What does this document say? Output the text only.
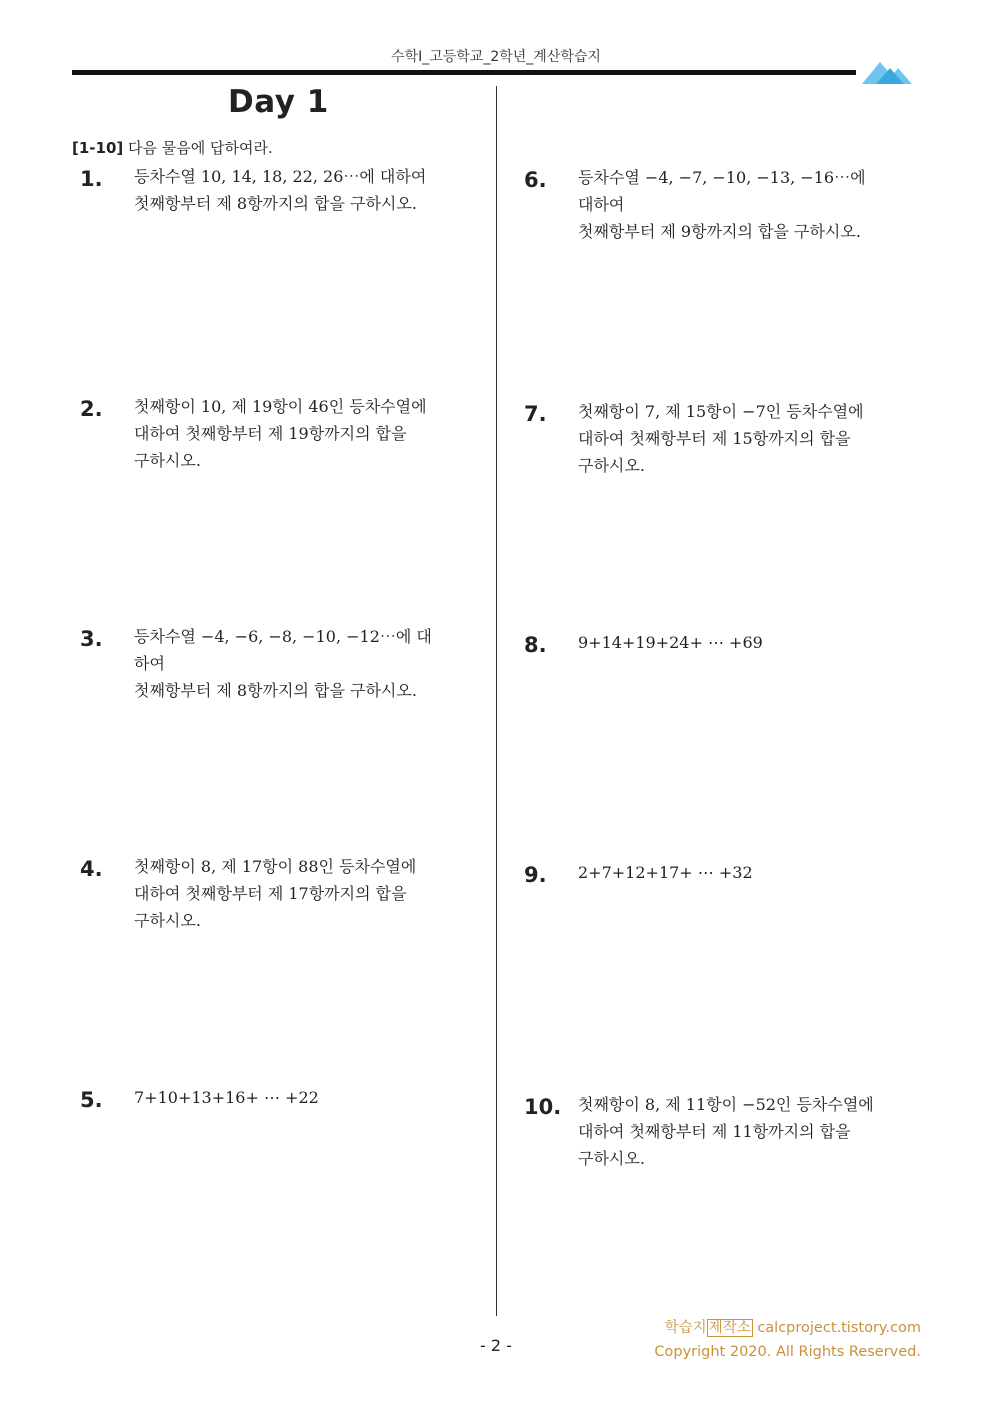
수학I_고등학교_2학년_계산학습지
Day 1
[1-10] 다음 물음에 답하여라.
1. 등차수열 10, 14, 18, 22, 26⋯에 대하여
첫째항부터 제 8항까지의 합을 구하시오.
2. 첫째항이 10, 제 19항이 46인 등차수열에
대하여 첫째항부터 제 19항까지의 합을
구하시오.
3. 등차수열 −4, −6, −8, −10, −12⋯에 대하여
첫째항부터 제 8항까지의 합을 구하시오.
4. 첫째항이 8, 제 17항이 88인 등차수열에
대하여 첫째항부터 제 17항까지의 합을
구하시오.
5. 7+10+13+16+ ⋯ +22
6. 등차수열 −4, −7, −10, −13, −16⋯에 대하여
첫째항부터 제 9항까지의 합을 구하시오.
7. 첫째항이 7, 제 15항이 −7인 등차수열에
대하여 첫째항부터 제 15항까지의 합을
구하시오.
8. 9+14+19+24+ ⋯ +69
9. 2+7+12+17+ ⋯ +32
10. 첫째항이 8, 제 11항이 −52인 등차수열에
대하여 첫째항부터 제 11항까지의 합을
구하시오.
학습지 제작소 calcproject.tistory.com
Copyright 2020. All Rights Reserved.
- 2 -
